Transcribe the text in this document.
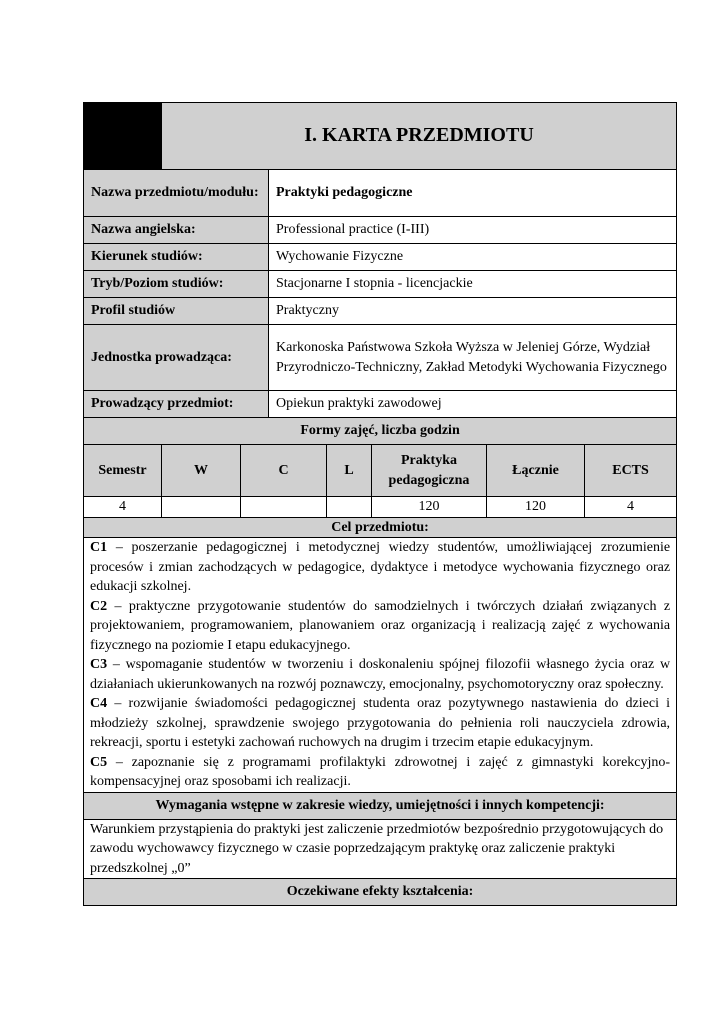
	I. KARTA PRZEDMIOTU						
Nazwa przedmiotu/modułu:			Praktyki pedagogiczne				
Nazwa angielska:			Professional practice (I-III)				
Kierunek studiów:			Wychowanie Fizyczne				
Tryb/Poziom studiów:			Stacjonarne I stopnia - licencjackie				
Profil studiów			Praktyczny				
Jednostka prowadząca:			Karkonoska Państwowa Szkoła Wyższa w Jeleniej Górze, Wydział Przyrodniczo-Techniczny, Zakład Metodyki Wychowania Fizycznego				
Prowadzący przedmiot:			Opiekun praktyki zawodowej				
Formy zajęć, liczba godzin							
Semestr	W	C		L	Praktyka pedagogiczna	Łącznie	ECTS
4					120	120	4
Cel przedmiotu:							

C1 – poszerzanie pedagogicznej i metodycznej wiedzy studentów, umożliwiającej zrozumienie procesów i zmian zachodzących w pedagogice, dydaktyce i metodyce wychowania fizycznego oraz edukacji szkolnej.

C2 – praktyczne przygotowanie studentów do samodzielnych i twórczych działań związanych z projektowaniem, programowaniem, planowaniem oraz organizacją i realizacją zajęć z wychowania fizycznego na poziomie I etapu edukacyjnego.

C3 – wspomaganie studentów w tworzeniu i doskonaleniu spójnej filozofii własnego życia oraz w działaniach ukierunkowanych na rozwój poznawczy, emocjonalny, psychomotoryczny oraz społeczny.

C4 – rozwijanie świadomości pedagogicznej studenta oraz pozytywnego nastawienia do dzieci i młodzieży szkolnej, sprawdzenie swojego przygotowania do pełnienia roli nauczyciela zdrowia, rekreacji, sportu i estetyki zachowań ruchowych na drugim i trzecim etapie edukacyjnym.

C5 – zapoznanie się z programami profilaktyki zdrowotnej i zajęć z gimnastyki korekcyjno-kompensacyjnej oraz sposobami ich realizacji.							

Wymagania wstępne w zakresie wiedzy, umiejętności i innych kompetencji:							
Warunkiem przystąpienia do praktyki jest zaliczenie przedmiotów bezpośrednio przygotowujących do zawodu wychowawcy fizycznego w czasie poprzedzającym praktykę oraz zaliczenie praktyki przedszkolnej „0”							
Oczekiwane efekty kształcenia:							
